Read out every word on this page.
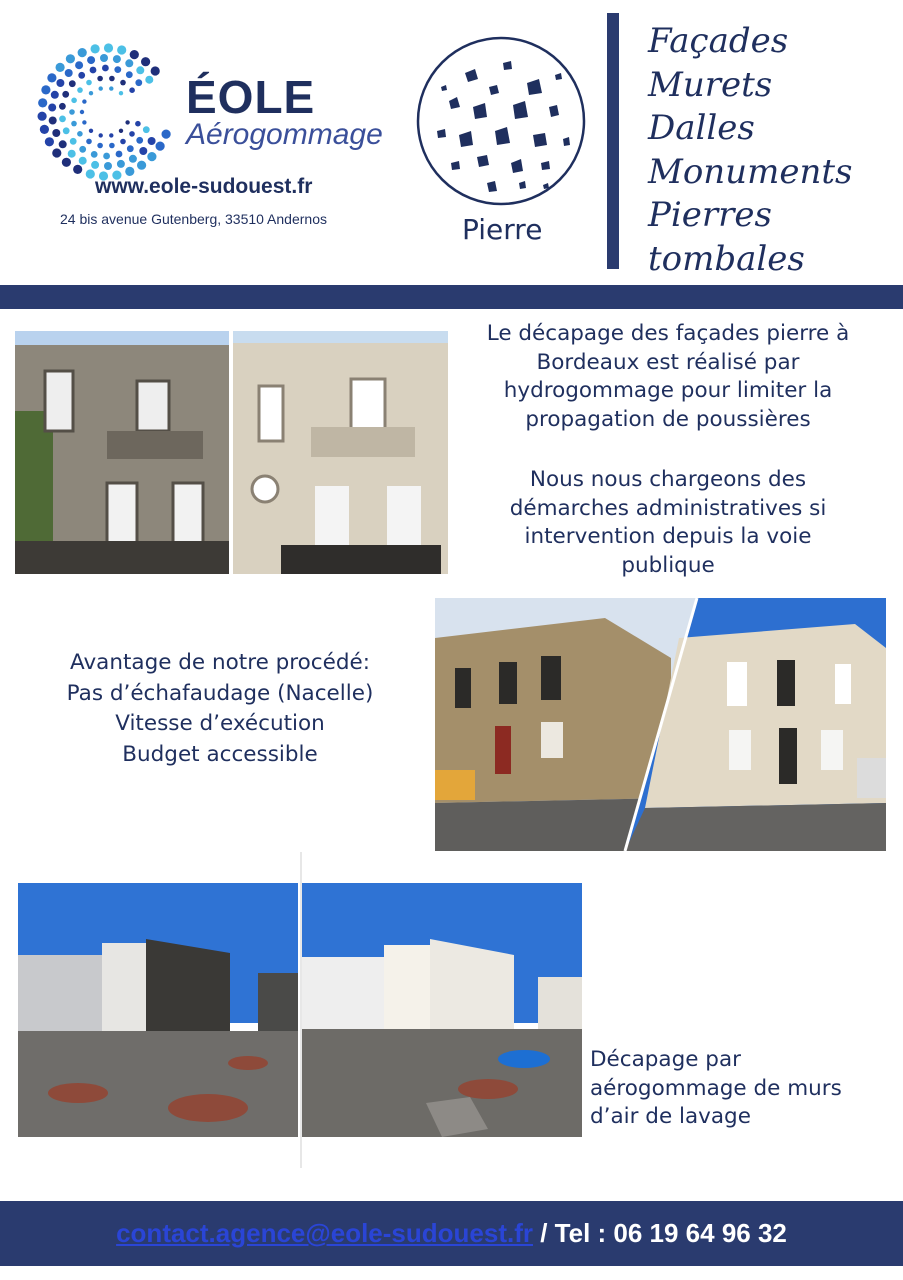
ÉOLE
Aérogommage
www.eole-sudouest.fr
24 bis avenue Gutenberg, 33510 Andernos	Pierre
Façades
Murets
Dalles
Monuments
Pierres
tombales
Le décapage des façades pierre à
Bordeaux est réalisé par
hydrogommage pour limiter la
propagation de poussières
Nous nous chargeons des
démarches administratives si
intervention depuis la voie
publique
Avantage de notre procédé:
Pas d’échafaudage (Nacelle)
Vitesse d’exécution
Budget accessible
Décapage par
aérogommage de murs
d’air de lavage
contact.agence@eole-sudouest.fr / Tel : 06 19 64 96 32
